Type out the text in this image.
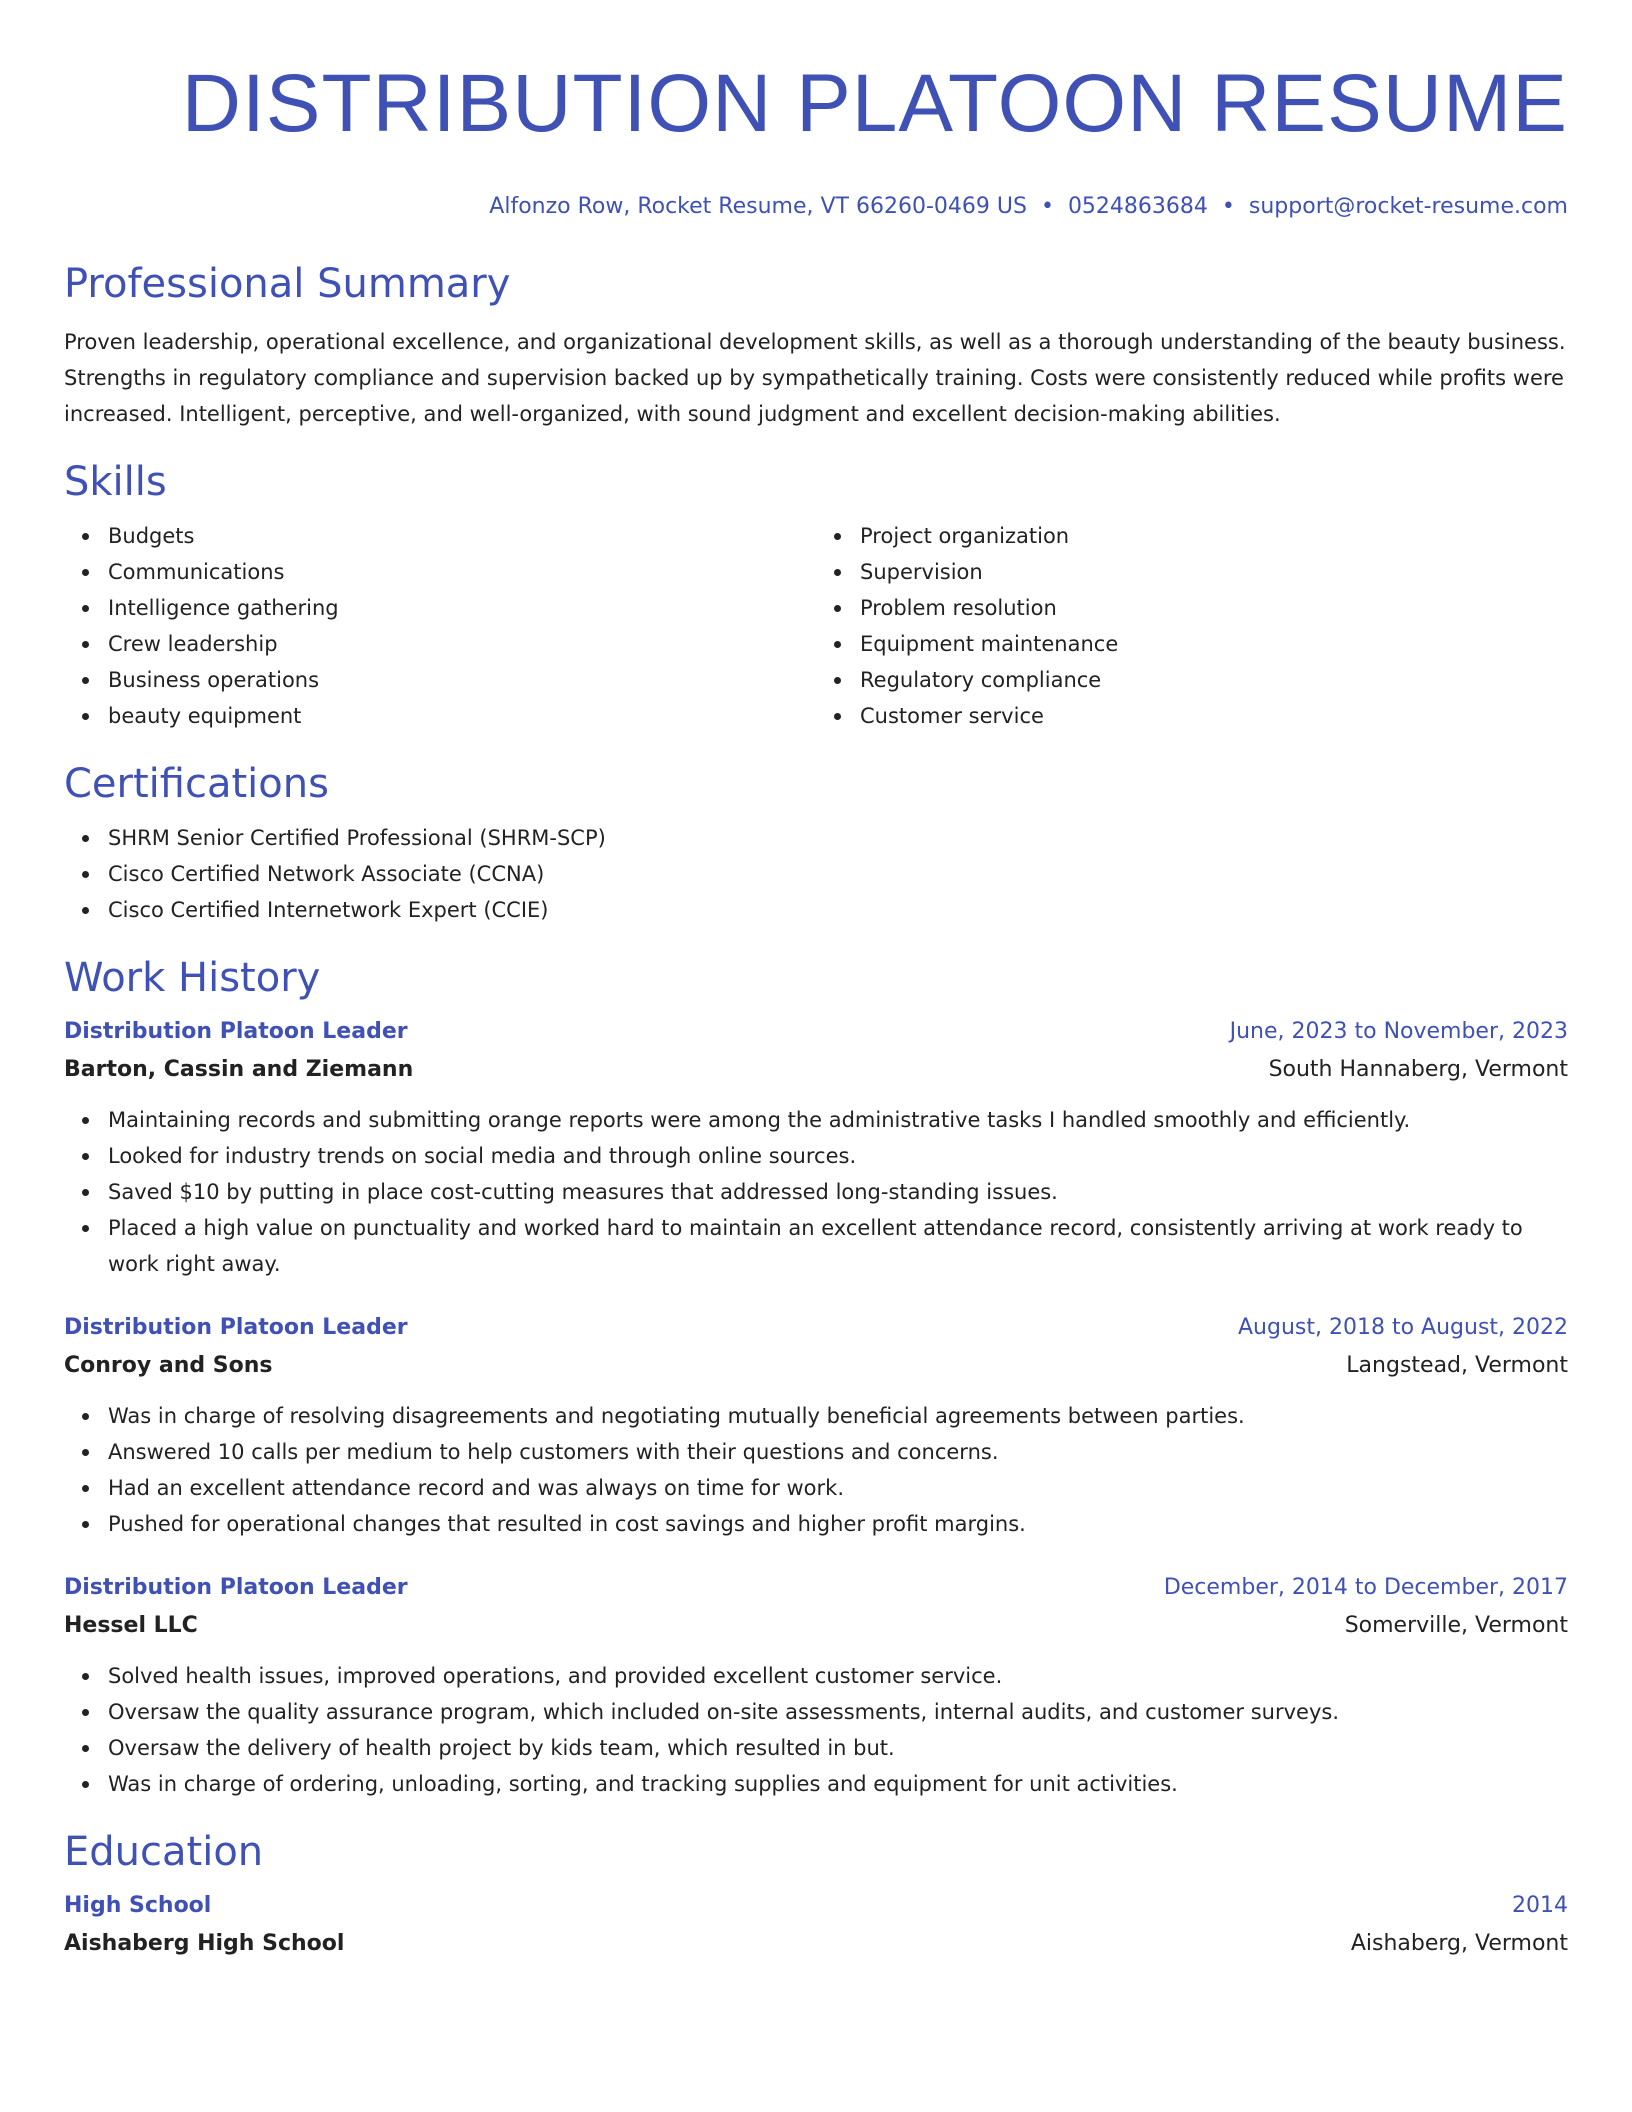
DISTRIBUTION PLATOON RESUME
Alfonzo Row, Rocket Resume, VT 66260-0469 US • 0524863684 • support@rocket-resume.com
Professional Summary

Proven leadership, operational excellence, and organizational development skills, as well as a thorough understanding of the beauty business. Strengths in regulatory compliance and supervision backed up by sympathetically training. Costs were consistently reduced while profits were increased. Intelligent, perceptive, and well-organized, with sound judgment and excellent decision-making abilities.

Skills
Budgets
Communications
Intelligence gathering
Crew leadership
Business operations
beauty equipment
Project organization
Supervision
Problem resolution
Equipment maintenance
Regulatory compliance
Customer service
Certifications
SHRM Senior Certified Professional (SHRM-SCP)
Cisco Certified Network Associate (CCNA)
Cisco Certified Internetwork Expert (CCIE)
Work History
Distribution Platoon Leader	June, 2023 to November, 2023
Barton, Cassin and Ziemann	South Hannaberg, Vermont
Maintaining records and submitting orange reports were among the administrative tasks I handled smoothly and efficiently.
Looked for industry trends on social media and through online sources.
Saved $10 by putting in place cost-cutting measures that addressed long-standing issues.
Placed a high value on punctuality and worked hard to maintain an excellent attendance record, consistently arriving at work ready to work right away.
Distribution Platoon Leader	August, 2018 to August, 2022
Conroy and Sons	Langstead, Vermont
Was in charge of resolving disagreements and negotiating mutually beneficial agreements between parties.
Answered 10 calls per medium to help customers with their questions and concerns.
Had an excellent attendance record and was always on time for work.
Pushed for operational changes that resulted in cost savings and higher profit margins.
Distribution Platoon Leader	December, 2014 to December, 2017
Hessel LLC	Somerville, Vermont
Solved health issues, improved operations, and provided excellent customer service.
Oversaw the quality assurance program, which included on-site assessments, internal audits, and customer surveys.
Oversaw the delivery of health project by kids team, which resulted in but.
Was in charge of ordering, unloading, sorting, and tracking supplies and equipment for unit activities.
Education
High School	2014
Aishaberg High School	Aishaberg, Vermont
